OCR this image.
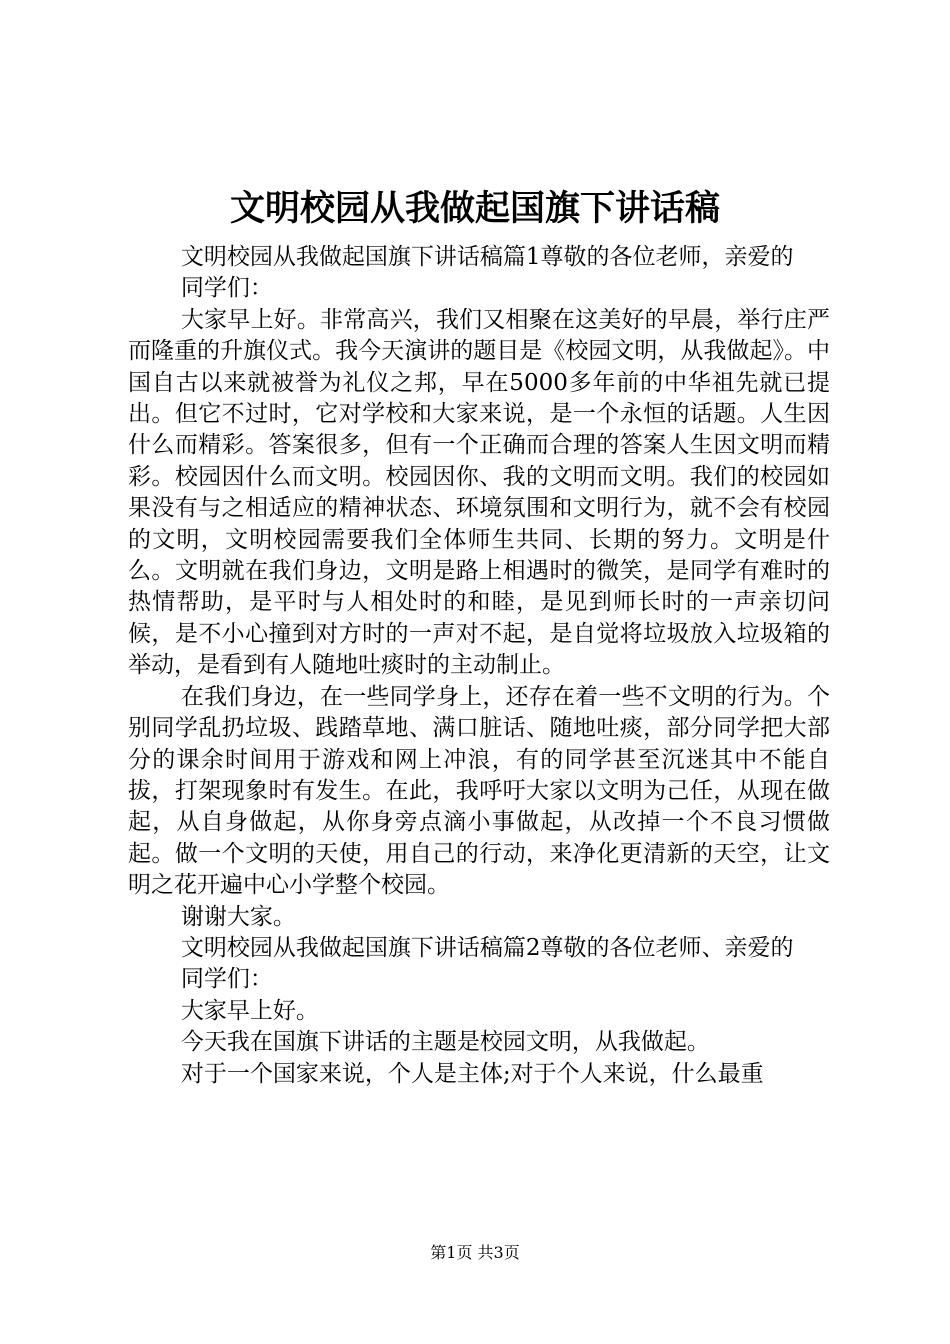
文明校园从我做起国旗下讲话稿

文明校园从我做起国旗下讲话稿篇1尊敬的各位老师，亲爱的

同学们：

大家早上好。非常高兴，我们又相聚在这美好的早晨，举行庄严而隆重的升旗仪式。我今天演讲的题目是《校园文明，从我做起》。中国自古以来就被誉为礼仪之邦，早在5000多年前的中华祖先就已提出。但它不过时，它对学校和大家来说，是一个永恒的话题。人生因什么而精彩。答案很多，但有一个正确而合理的答案人生因文明而精彩。校园因什么而文明。校园因你、我的文明而文明。我们的校园如果没有与之相适应的精神状态、环境氛围和文明行为，就不会有校园的文明，文明校园需要我们全体师生共同、长期的努力。文明是什么。文明就在我们身边，文明是路上相遇时的微笑，是同学有难时的热情帮助，是平时与人相处时的和睦，是见到师长时的一声亲切问候，是不小心撞到对方时的一声对不起，是自觉将垃圾放入垃圾箱的举动，是看到有人随地吐痰时的主动制止。

在我们身边，在一些同学身上，还存在着一些不文明的行为。个别同学乱扔垃圾、践踏草地、满口脏话、随地吐痰，部分同学把大部分的课余时间用于游戏和网上冲浪，有的同学甚至沉迷其中不能自拔，打架现象时有发生。在此，我呼吁大家以文明为己任，从现在做起，从自身做起，从你身旁点滴小事做起，从改掉一个不良习惯做起。做一个文明的天使，用自己的行动，来净化更清新的天空，让文明之花开遍中心小学整个校园。

谢谢大家。

文明校园从我做起国旗下讲话稿篇2尊敬的各位老师、亲爱的

同学们：

大家早上好。

今天我在国旗下讲话的主题是校园文明，从我做起。

对于一个国家来说，个人是主体;对于个人来说，什么最重

第1页 共3页
